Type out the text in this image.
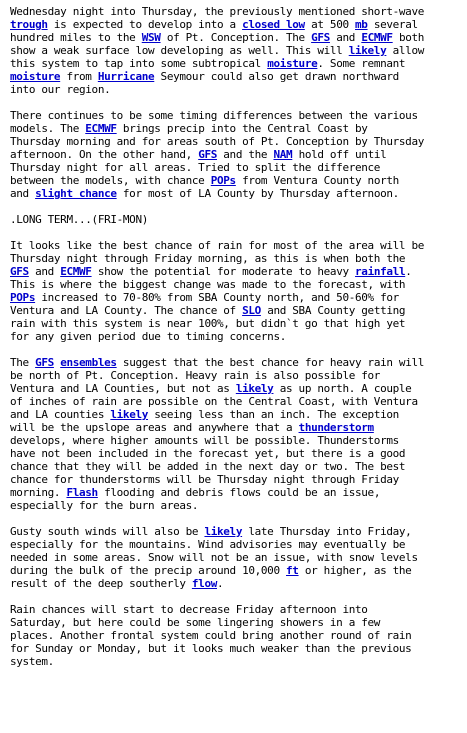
Wednesday night into Thursday, the previously mentioned short-wave
trough is expected to develop into a closed low at 500 mb several
hundred miles to the WSW of Pt. Conception. The GFS and ECMWF both
show a weak surface low developing as well. This will likely allow
this system to tap into some subtropical moisture. Some remnant
moisture from Hurricane Seymour could also get drawn northward
into our region.
There continues to be some timing differences between the various
models. The ECMWF brings precip into the Central Coast by
Thursday morning and for areas south of Pt. Conception by Thursday
afternoon. On the other hand, GFS and the NAM hold off until
Thursday night for all areas. Tried to split the difference
between the models, with chance POPs from Ventura County north
and slight chance for most of LA County by Thursday afternoon.
.LONG TERM...(FRI-MON)
It looks like the best chance of rain for most of the area will be
Thursday night through Friday morning, as this is when both the
GFS and ECMWF show the potential for moderate to heavy rainfall.
This is where the biggest change was made to the forecast, with
POPs increased to 70-80% from SBA County north, and 50-60% for
Ventura and LA County. The chance of SLO and SBA County getting
rain with this system is near 100%, but didn`t go that high yet
for any given period due to timing concerns.
The GFS ensembles suggest that the best chance for heavy rain will
be north of Pt. Conception. Heavy rain is also possible for
Ventura and LA Counties, but not as likely as up north. A couple
of inches of rain are possible on the Central Coast, with Ventura
and LA counties likely seeing less than an inch. The exception
will be the upslope areas and anywhere that a thunderstorm
develops, where higher amounts will be possible. Thunderstorms
have not been included in the forecast yet, but there is a good
chance that they will be added in the next day or two. The best
chance for thunderstorms will be Thursday night through Friday
morning. Flash flooding and debris flows could be an issue,
especially for the burn areas.
Gusty south winds will also be likely late Thursday into Friday,
especially for the mountains. Wind advisories may eventually be
needed in some areas. Snow will not be an issue, with snow levels
during the bulk of the precip around 10,000 ft or higher, as the
result of the deep southerly flow.
Rain chances will start to decrease Friday afternoon into
Saturday, but here could be some lingering showers in a few
places. Another frontal system could bring another round of rain
for Sunday or Monday, but it looks much weaker than the previous
system.
